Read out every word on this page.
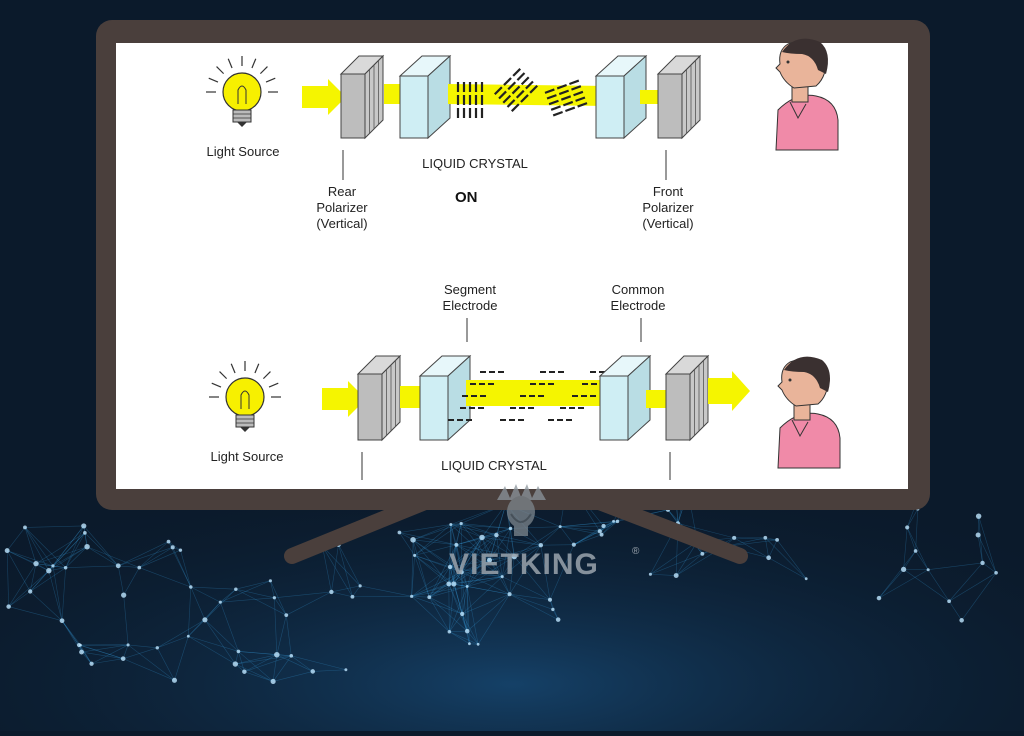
Light Source
LIQUID CRYSTAL
ON
Rear
Polarizer
(Vertical)
Front
Polarizer
(Vertical)
Segment
Electrode
Common
Electrode
Light Source
LIQUID CRYSTAL
VIETKING	®
